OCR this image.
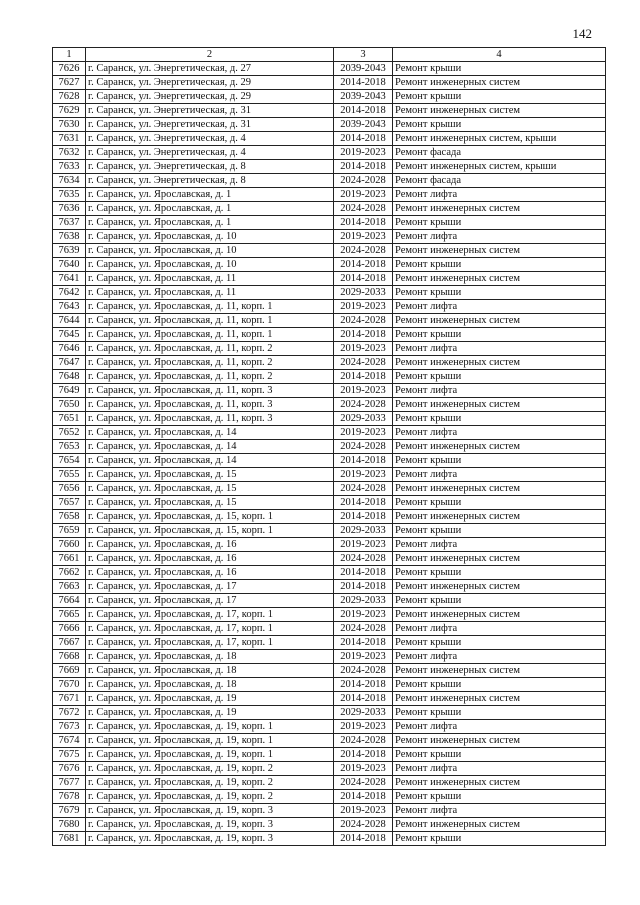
142
1	2	3	4
7626	г. Саранск, ул. Энергетическая, д. 27	2039-2043	Ремонт крыши
7627	г. Саранск, ул. Энергетическая, д. 29	2014-2018	Ремонт инженерных систем
7628	г. Саранск, ул. Энергетическая, д. 29	2039-2043	Ремонт крыши
7629	г. Саранск, ул. Энергетическая, д. 31	2014-2018	Ремонт инженерных систем
7630	г. Саранск, ул. Энергетическая, д. 31	2039-2043	Ремонт крыши
7631	г. Саранск, ул. Энергетическая, д. 4	2014-2018	Ремонт инженерных систем, крыши
7632	г. Саранск, ул. Энергетическая, д. 4	2019-2023	Ремонт фасада
7633	г. Саранск, ул. Энергетическая, д. 8	2014-2018	Ремонт инженерных систем, крыши
7634	г. Саранск, ул. Энергетическая, д. 8	2024-2028	Ремонт фасада
7635	г. Саранск, ул. Ярославская, д. 1	2019-2023	Ремонт лифта
7636	г. Саранск, ул. Ярославская, д. 1	2024-2028	Ремонт инженерных систем
7637	г. Саранск, ул. Ярославская, д. 1	2014-2018	Ремонт крыши
7638	г. Саранск, ул. Ярославская, д. 10	2019-2023	Ремонт лифта
7639	г. Саранск, ул. Ярославская, д. 10	2024-2028	Ремонт инженерных систем
7640	г. Саранск, ул. Ярославская, д. 10	2014-2018	Ремонт крыши
7641	г. Саранск, ул. Ярославская, д. 11	2014-2018	Ремонт инженерных систем
7642	г. Саранск, ул. Ярославская, д. 11	2029-2033	Ремонт крыши
7643	г. Саранск, ул. Ярославская, д. 11, корп. 1	2019-2023	Ремонт лифта
7644	г. Саранск, ул. Ярославская, д. 11, корп. 1	2024-2028	Ремонт инженерных систем
7645	г. Саранск, ул. Ярославская, д. 11, корп. 1	2014-2018	Ремонт крыши
7646	г. Саранск, ул. Ярославская, д. 11, корп. 2	2019-2023	Ремонт лифта
7647	г. Саранск, ул. Ярославская, д. 11, корп. 2	2024-2028	Ремонт инженерных систем
7648	г. Саранск, ул. Ярославская, д. 11, корп. 2	2014-2018	Ремонт крыши
7649	г. Саранск, ул. Ярославская, д. 11, корп. 3	2019-2023	Ремонт лифта
7650	г. Саранск, ул. Ярославская, д. 11, корп. 3	2024-2028	Ремонт инженерных систем
7651	г. Саранск, ул. Ярославская, д. 11, корп. 3	2029-2033	Ремонт крыши
7652	г. Саранск, ул. Ярославская, д. 14	2019-2023	Ремонт лифта
7653	г. Саранск, ул. Ярославская, д. 14	2024-2028	Ремонт инженерных систем
7654	г. Саранск, ул. Ярославская, д. 14	2014-2018	Ремонт крыши
7655	г. Саранск, ул. Ярославская, д. 15	2019-2023	Ремонт лифта
7656	г. Саранск, ул. Ярославская, д. 15	2024-2028	Ремонт инженерных систем
7657	г. Саранск, ул. Ярославская, д. 15	2014-2018	Ремонт крыши
7658	г. Саранск, ул. Ярославская, д. 15, корп. 1	2014-2018	Ремонт инженерных систем
7659	г. Саранск, ул. Ярославская, д. 15, корп. 1	2029-2033	Ремонт крыши
7660	г. Саранск, ул. Ярославская, д. 16	2019-2023	Ремонт лифта
7661	г. Саранск, ул. Ярославская, д. 16	2024-2028	Ремонт инженерных систем
7662	г. Саранск, ул. Ярославская, д. 16	2014-2018	Ремонт крыши
7663	г. Саранск, ул. Ярославская, д. 17	2014-2018	Ремонт инженерных систем
7664	г. Саранск, ул. Ярославская, д. 17	2029-2033	Ремонт крыши
7665	г. Саранск, ул. Ярославская, д. 17, корп. 1	2019-2023	Ремонт инженерных систем
7666	г. Саранск, ул. Ярославская, д. 17, корп. 1	2024-2028	Ремонт лифта
7667	г. Саранск, ул. Ярославская, д. 17, корп. 1	2014-2018	Ремонт крыши
7668	г. Саранск, ул. Ярославская, д. 18	2019-2023	Ремонт лифта
7669	г. Саранск, ул. Ярославская, д. 18	2024-2028	Ремонт инженерных систем
7670	г. Саранск, ул. Ярославская, д. 18	2014-2018	Ремонт крыши
7671	г. Саранск, ул. Ярославская, д. 19	2014-2018	Ремонт инженерных систем
7672	г. Саранск, ул. Ярославская, д. 19	2029-2033	Ремонт крыши
7673	г. Саранск, ул. Ярославская, д. 19, корп. 1	2019-2023	Ремонт лифта
7674	г. Саранск, ул. Ярославская, д. 19, корп. 1	2024-2028	Ремонт инженерных систем
7675	г. Саранск, ул. Ярославская, д. 19, корп. 1	2014-2018	Ремонт крыши
7676	г. Саранск, ул. Ярославская, д. 19, корп. 2	2019-2023	Ремонт лифта
7677	г. Саранск, ул. Ярославская, д. 19, корп. 2	2024-2028	Ремонт инженерных систем
7678	г. Саранск, ул. Ярославская, д. 19, корп. 2	2014-2018	Ремонт крыши
7679	г. Саранск, ул. Ярославская, д. 19, корп. 3	2019-2023	Ремонт лифта
7680	г. Саранск, ул. Ярославская, д. 19, корп. 3	2024-2028	Ремонт инженерных систем
7681	г. Саранск, ул. Ярославская, д. 19, корп. 3	2014-2018	Ремонт крыши
